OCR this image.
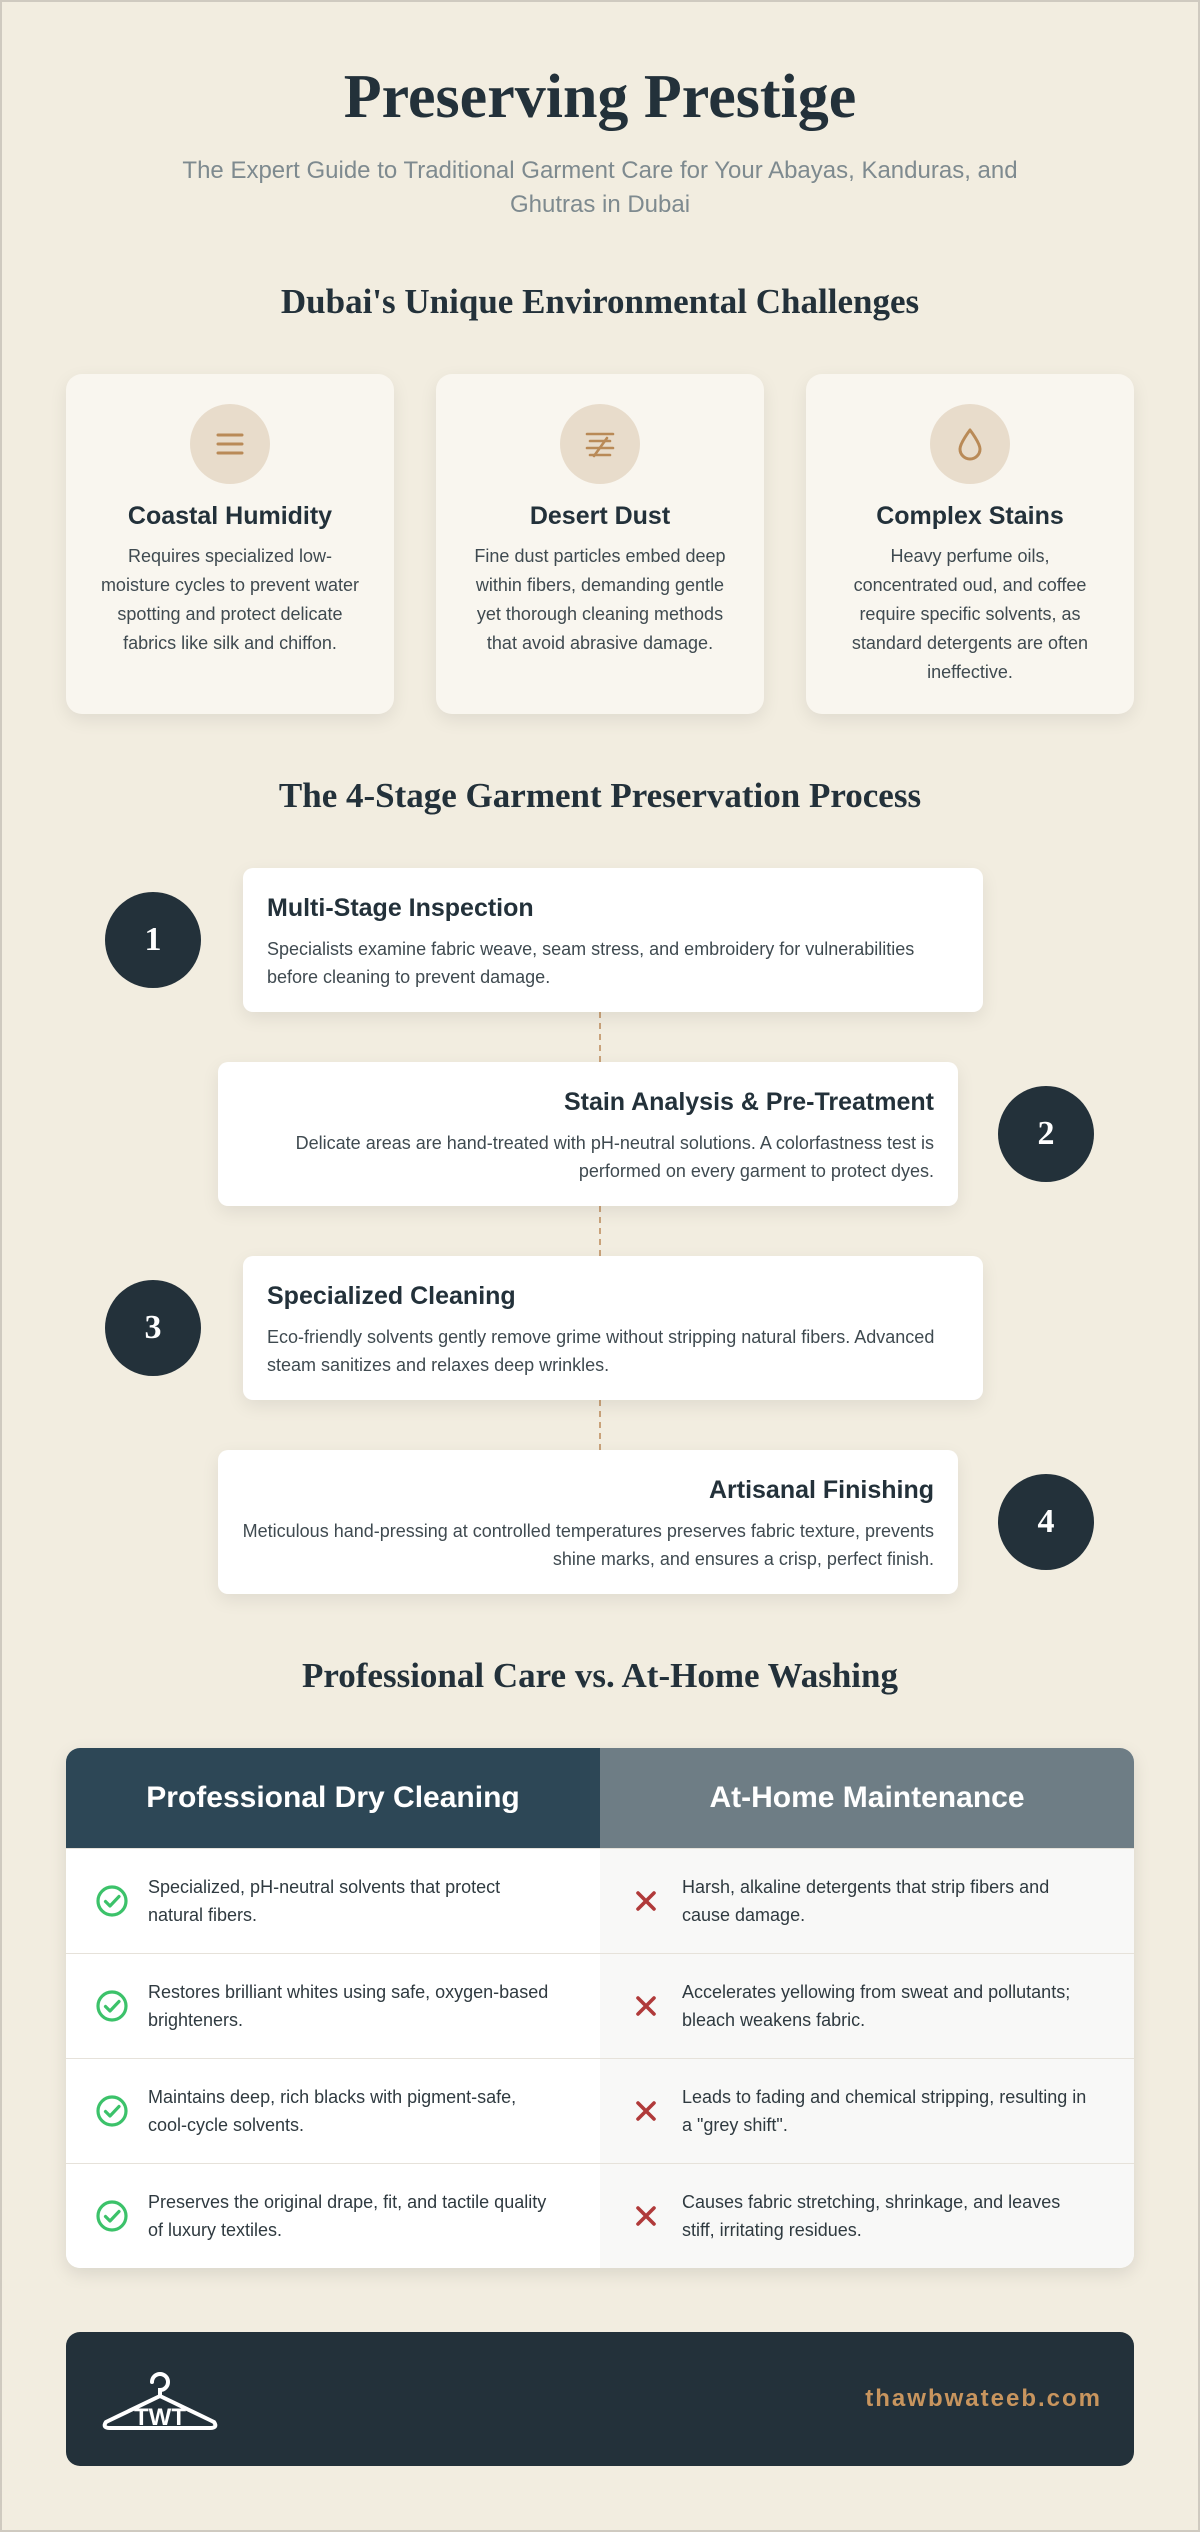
Preserving Prestige

The Expert Guide to Traditional Garment Care for Your Abayas, Kanduras, and Ghutras in Dubai

Dubai's Unique Environmental Challenges
Coastal Humidity
Requires specialized low-moisture cycles to prevent water spotting and protect delicate fabrics like silk and chiffon.
Desert Dust
Fine dust particles embed deep within fibers, demanding gentle yet thorough cleaning methods that avoid abrasive damage.
Complex Stains
Heavy perfume oils, concentrated oud, and coffee require specific solvents, as standard detergents are often ineffective.
The 4-Stage Garment Preservation Process
Multi-Stage Inspection
Specialists examine fabric weave, seam stress, and embroidery for vulnerabilities before cleaning to prevent damage.
1
Stain Analysis & Pre-Treatment
Delicate areas are hand-treated with pH-neutral solutions. A colorfastness test is performed on every garment to protect dyes.
2
Specialized Cleaning
Eco-friendly solvents gently remove grime without stripping natural fibers. Advanced steam sanitizes and relaxes deep wrinkles.
3
Artisanal Finishing
Meticulous hand-pressing at controlled temperatures preserves fabric texture, prevents shine marks, and ensures a crisp, perfect finish.
4
Professional Care vs. At-Home Washing
Professional Dry Cleaning	At-Home Maintenance
Specialized, pH-neutral solvents that protect natural fibers.
Harsh, alkaline detergents that strip fibers and cause damage.
Restores brilliant whites using safe, oxygen-based brighteners.
Accelerates yellowing from sweat and pollutants; bleach weakens fabric.
Maintains deep, rich blacks with pigment-safe, cool-cycle solvents.
Leads to fading and chemical stripping, resulting in a "grey shift".
Preserves the original drape, fit, and tactile quality of luxury textiles.
Causes fabric stretching, shrinkage, and leaves stiff, irritating residues.
TWT
thawbwateeb.com
